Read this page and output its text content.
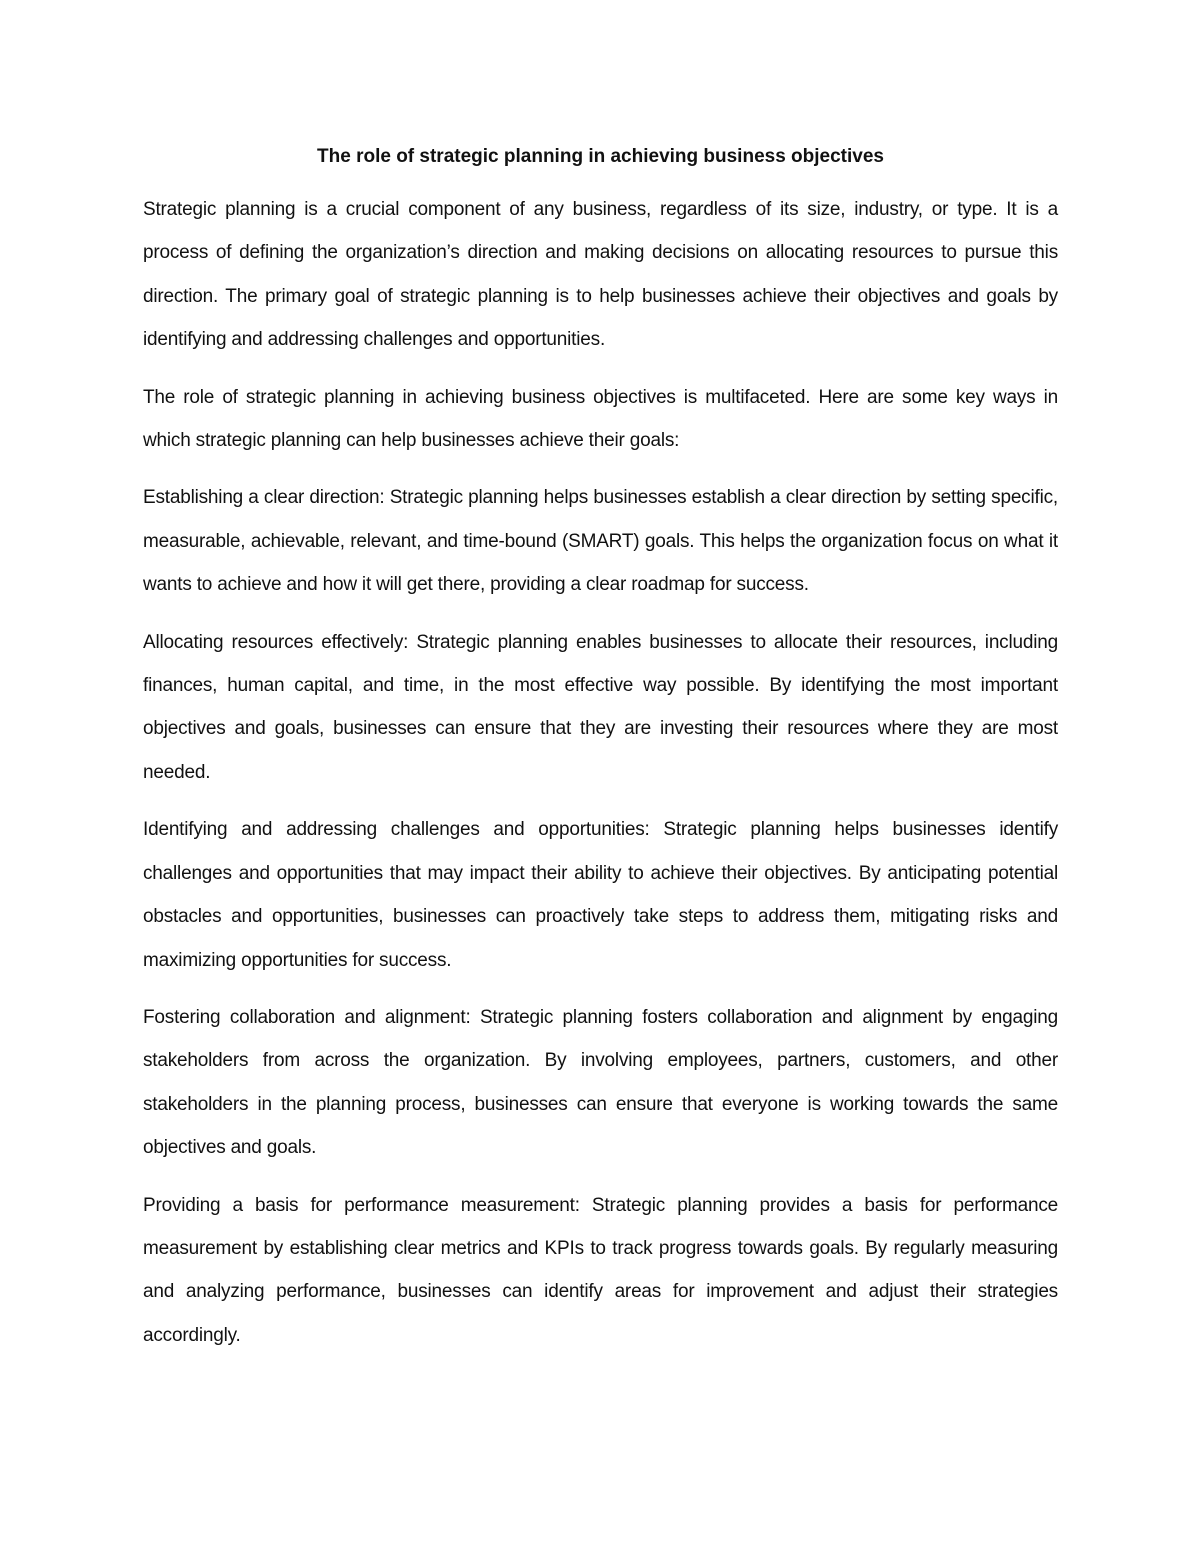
The role of strategic planning in achieving business objectives

Strategic planning is a crucial component of any business, regardless of its size, industry, or type. It is a process of defining the organization’s direction and making decisions on allocating resources to pursue this direction. The primary goal of strategic planning is to help businesses achieve their objectives and goals by identifying and addressing challenges and opportunities.

The role of strategic planning in achieving business objectives is multifaceted. Here are some key ways in which strategic planning can help businesses achieve their goals:

Establishing a clear direction: Strategic planning helps businesses establish a clear direction by setting specific, measurable, achievable, relevant, and time-bound (SMART) goals. This helps the organization focus on what it wants to achieve and how it will get there, providing a clear roadmap for success.

Allocating resources effectively: Strategic planning enables businesses to allocate their resources, including finances, human capital, and time, in the most effective way possible. By identifying the most important objectives and goals, businesses can ensure that they are investing their resources where they are most needed.

Identifying and addressing challenges and opportunities: Strategic planning helps businesses identify challenges and opportunities that may impact their ability to achieve their objectives. By anticipating potential obstacles and opportunities, businesses can proactively take steps to address them, mitigating risks and maximizing opportunities for success.

Fostering collaboration and alignment: Strategic planning fosters collaboration and alignment by engaging stakeholders from across the organization. By involving employees, partners, customers, and other stakeholders in the planning process, businesses can ensure that everyone is working towards the same objectives and goals.

Providing a basis for performance measurement: Strategic planning provides a basis for performance measurement by establishing clear metrics and KPIs to track progress towards goals. By regularly measuring and analyzing performance, businesses can identify areas for improvement and adjust their strategies accordingly.
